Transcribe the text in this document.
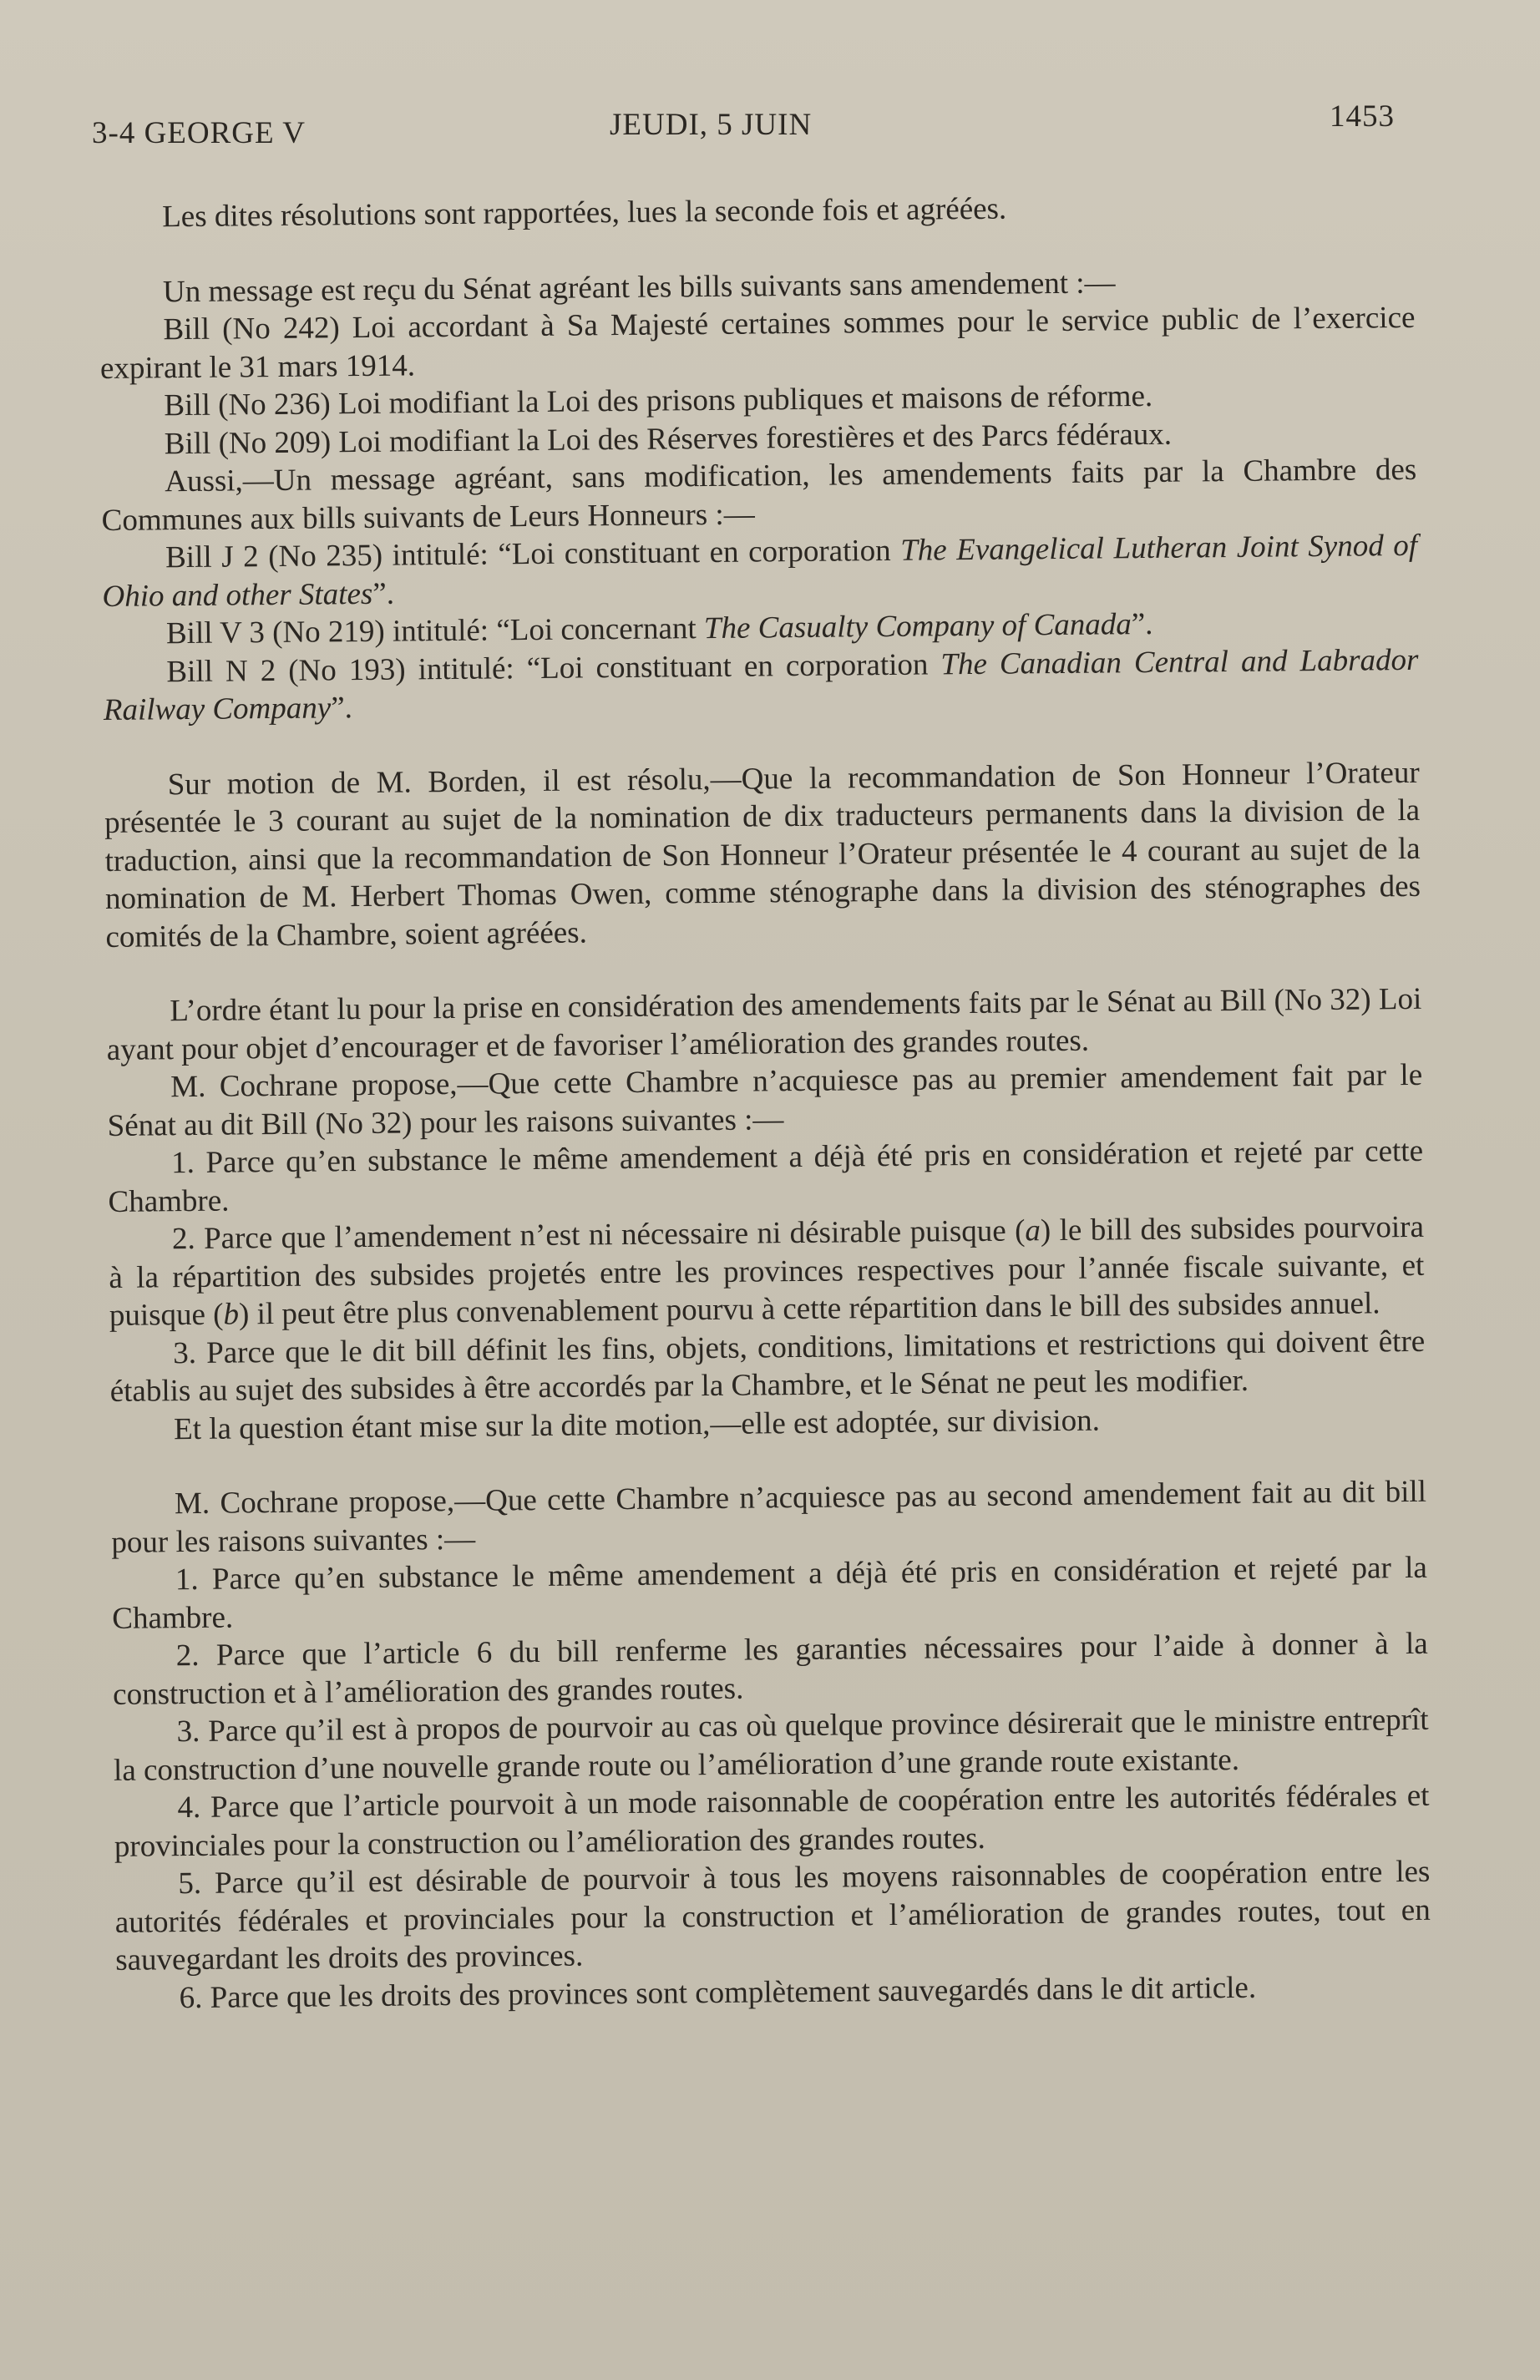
3-4 GEORGE V	JEUDI, 5 JUIN	1453

Les dites résolutions sont rapportées, lues la seconde fois et agréées.

Un message est reçu du Sénat agréant les bills suivants sans amendement :—

Bill (No 242) Loi accordant à Sa Majesté certaines sommes pour le service public de l’exercice expirant le 31 mars 1914.

Bill (No 236) Loi modifiant la Loi des prisons publiques et maisons de réforme.

Bill (No 209) Loi modifiant la Loi des Réserves forestières et des Parcs fédéraux.

Aussi,—Un message agréant, sans modification, les amendements faits par la Chambre des Communes aux bills suivants de Leurs Honneurs :—

Bill J 2 (No 235) intitulé: “Loi constituant en corporation The Evangelical Lutheran Joint Synod of Ohio and other States”.

Bill V 3 (No 219) intitulé: “Loi concernant The Casualty Company of Canada”.

Bill N 2 (No 193) intitulé: “Loi constituant en corporation The Canadian Central and Labrador Railway Company”.

Sur motion de M. Borden, il est résolu,—Que la recommandation de Son Honneur l’Orateur présentée le 3 courant au sujet de la nomination de dix traducteurs permanents dans la division de la traduction, ainsi que la recommandation de Son Honneur l’Orateur présentée le 4 courant au sujet de la nomination de M. Herbert Thomas Owen, comme sténographe dans la division des sténographes des comités de la Chambre, soient agréées.

L’ordre étant lu pour la prise en considération des amendements faits par le Sénat au Bill (No 32) Loi ayant pour objet d’encourager et de favoriser l’amélioration des grandes routes.

M. Cochrane propose,—Que cette Chambre n’acquiesce pas au premier amendement fait par le Sénat au dit Bill (No 32) pour les raisons suivantes :—

1. Parce qu’en substance le même amendement a déjà été pris en considération et rejeté par cette Chambre.

2. Parce que l’amendement n’est ni nécessaire ni désirable puisque (a) le bill des subsides pourvoira à la répartition des subsides projetés entre les provinces respectives pour l’année fiscale suivante, et puisque (b) il peut être plus convenablement pourvu à cette répartition dans le bill des subsides annuel.

3. Parce que le dit bill définit les fins, objets, conditions, limitations et restrictions qui doivent être établis au sujet des subsides à être accordés par la Chambre, et le Sénat ne peut les modifier.

Et la question étant mise sur la dite motion,—elle est adoptée, sur division.

M. Cochrane propose,—Que cette Chambre n’acquiesce pas au second amendement fait au dit bill pour les raisons suivantes :—

1. Parce qu’en substance le même amendement a déjà été pris en considération et rejeté par la Chambre.

2. Parce que l’article 6 du bill renferme les garanties nécessaires pour l’aide à donner à la construction et à l’amélioration des grandes routes.

3. Parce qu’il est à propos de pourvoir au cas où quelque province désirerait que le ministre entreprît la construction d’une nouvelle grande route ou l’amélioration d’une grande route existante.

4. Parce que l’article pourvoit à un mode raisonnable de coopération entre les autorités fédérales et provinciales pour la construction ou l’amélioration des grandes routes.

5. Parce qu’il est désirable de pourvoir à tous les moyens raisonnables de coopération entre les autorités fédérales et provinciales pour la construction et l’amélioration de grandes routes, tout en sauvegardant les droits des provinces.

6. Parce que les droits des provinces sont complètement sauvegardés dans le dit article.
